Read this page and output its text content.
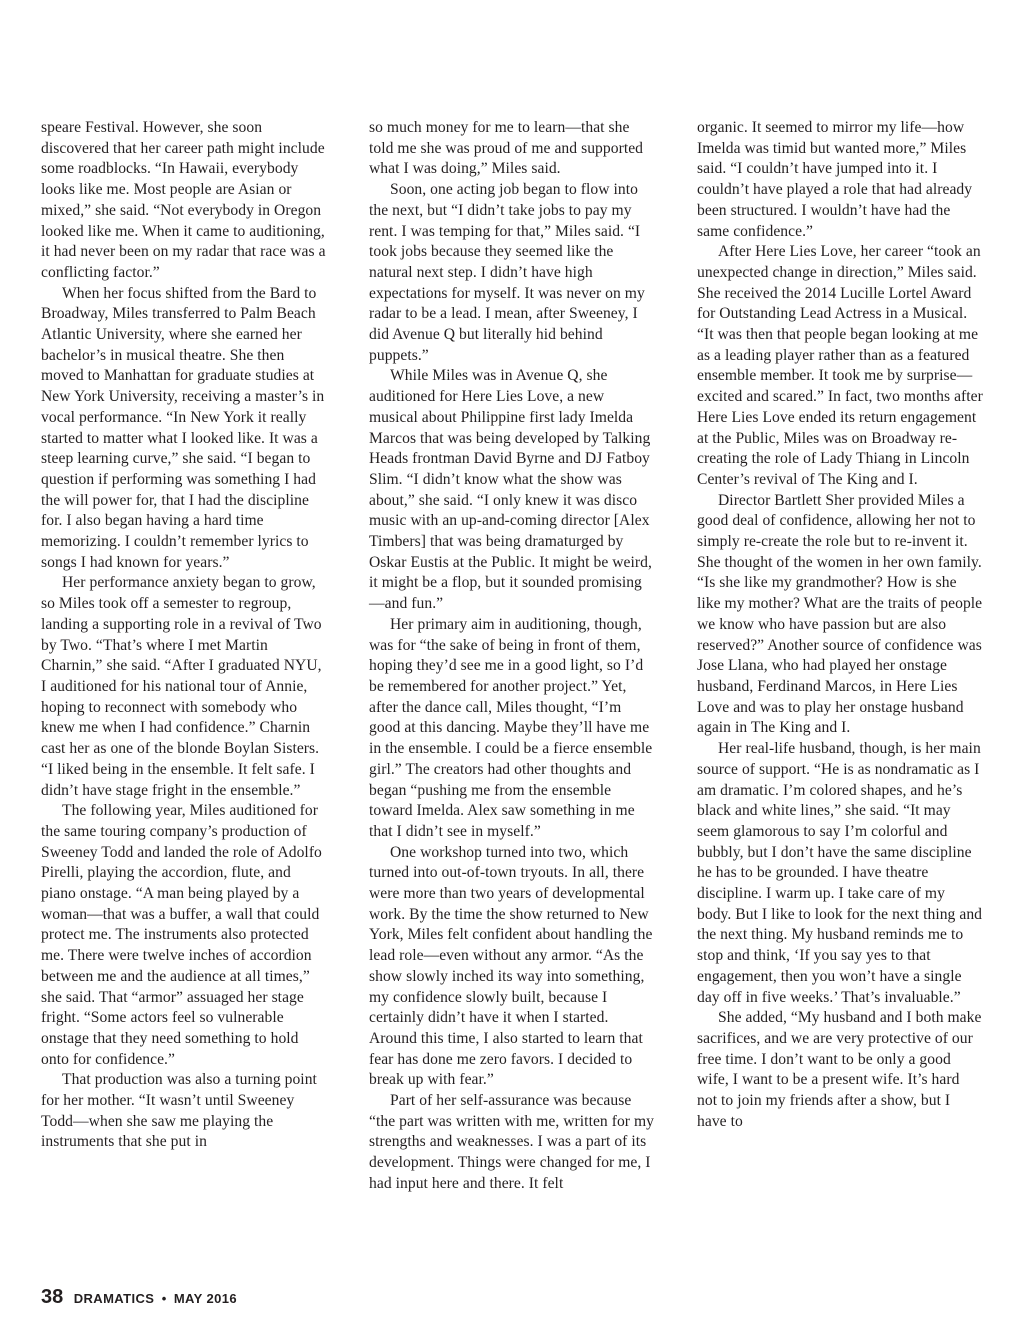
speare Festival. However, she soon discovered that her career path might include some roadblocks. “In Hawaii, everybody looks like me. Most people are Asian or mixed,” she said. “Not everybody in Oregon looked like me. When it came to auditioning, it had never been on my radar that race was a conflicting factor.”

When her focus shifted from the Bard to Broadway, Miles transferred to Palm Beach Atlantic University, where she earned her bachelor’s in musical theatre. She then moved to Manhattan for graduate studies at New York University, receiving a master’s in vocal performance. “In New York it really started to matter what I looked like. It was a steep learning curve,” she said. “I began to question if performing was something I had the will power for, that I had the discipline for. I also began having a hard time memorizing. I couldn’t remember lyrics to songs I had known for years.”

Her performance anxiety began to grow, so Miles took off a semester to regroup, landing a supporting role in a revival of Two by Two. “That’s where I met Martin Charnin,” she said. “After I graduated NYU, I auditioned for his national tour of Annie, hoping to reconnect with somebody who knew me when I had confidence.” Charnin cast her as one of the blonde Boylan Sisters. “I liked being in the ensemble. It felt safe. I didn’t have stage fright in the ensemble.”

The following year, Miles auditioned for the same touring company’s production of Sweeney Todd and landed the role of Adolfo Pirelli, playing the accordion, flute, and piano onstage. “A man being played by a woman—that was a buffer, a wall that could protect me. The instruments also protected me. There were twelve inches of accordion between me and the audience at all times,” she said. That “armor” assuaged her stage fright. “Some actors feel so vulnerable onstage that they need something to hold onto for confidence.”

That production was also a turning point for her mother. “It wasn’t until Sweeney Todd—when she saw me playing the instruments that she put in

so much money for me to learn—that she told me she was proud of me and supported what I was doing,” Miles said.

Soon, one acting job began to flow into the next, but “I didn’t take jobs to pay my rent. I was temping for that,” Miles said. “I took jobs because they seemed like the natural next step. I didn’t have high expectations for myself. It was never on my radar to be a lead. I mean, after Sweeney, I did Avenue Q but literally hid behind puppets.”

While Miles was in Avenue Q, she auditioned for Here Lies Love, a new musical about Philippine first lady Imelda Marcos that was being developed by Talking Heads frontman David Byrne and DJ Fatboy Slim. “I didn’t know what the show was about,” she said. “I only knew it was disco music with an up-and-coming director [Alex Timbers] that was being dramaturged by Oskar Eustis at the Public. It might be weird, it might be a flop, but it sounded promising—and fun.”

Her primary aim in auditioning, though, was for “the sake of being in front of them, hoping they’d see me in a good light, so I’d be remembered for another project.” Yet, after the dance call, Miles thought, “I’m good at this dancing. Maybe they’ll have me in the ensemble. I could be a fierce ensemble girl.” The creators had other thoughts and began “pushing me from the ensemble toward Imelda. Alex saw something in me that I didn’t see in myself.”

One workshop turned into two, which turned into out-of-town tryouts. In all, there were more than two years of developmental work. By the time the show returned to New York, Miles felt confident about handling the lead role—even without any armor. “As the show slowly inched its way into something, my confidence slowly built, because I certainly didn’t have it when I started. Around this time, I also started to learn that fear has done me zero favors. I decided to break up with fear.”

Part of her self-assurance was because “the part was written with me, written for my strengths and weaknesses. I was a part of its development. Things were changed for me, I had input here and there. It felt

organic. It seemed to mirror my life—how Imelda was timid but wanted more,” Miles said. “I couldn’t have jumped into it. I couldn’t have played a role that had already been structured. I wouldn’t have had the same confidence.”

After Here Lies Love, her career “took an unexpected change in direction,” Miles said. She received the 2014 Lucille Lortel Award for Outstanding Lead Actress in a Musical. “It was then that people began looking at me as a leading player rather than as a featured ensemble member. It took me by surprise—excited and scared.” In fact, two months after Here Lies Love ended its return engagement at the Public, Miles was on Broadway re-creating the role of Lady Thiang in Lincoln Center’s revival of The King and I.

Director Bartlett Sher provided Miles a good deal of confidence, allowing her not to simply re-create the role but to re-invent it. She thought of the women in her own family. “Is she like my grandmother? How is she like my mother? What are the traits of people we know who have passion but are also reserved?” Another source of confidence was Jose Llana, who had played her onstage husband, Ferdinand Marcos, in Here Lies Love and was to play her onstage husband again in The King and I.

Her real-life husband, though, is her main source of support. “He is as nondramatic as I am dramatic. I’m colored shapes, and he’s black and white lines,” she said. “It may seem glamorous to say I’m colorful and bubbly, but I don’t have the same discipline he has to be grounded. I have theatre discipline. I warm up. I take care of my body. But I like to look for the next thing and the next thing. My husband reminds me to stop and think, ‘If you say yes to that engagement, then you won’t have a single day off in five weeks.’ That’s invaluable.”

She added, “My husband and I both make sacrifices, and we are very protective of our free time. I don’t want to be only a good wife, I want to be a present wife. It’s hard not to join my friends after a show, but I have to

38 DRAMATICS • MAY 2016
